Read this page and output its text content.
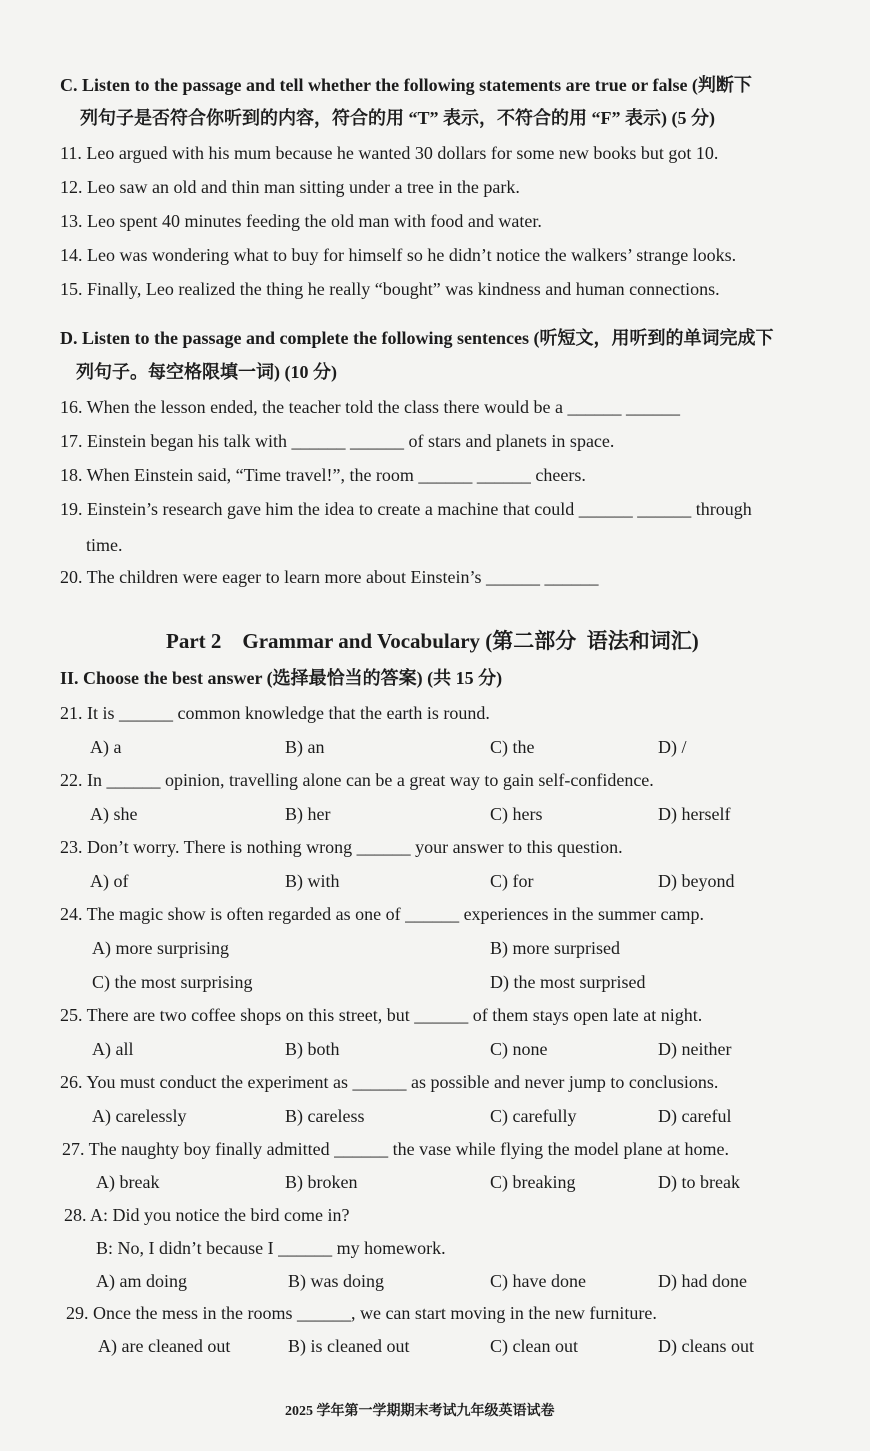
C. Listen to the passage and tell whether the following statements are true or false (判断下
列句子是否符合你听到的内容，符合的用 “T” 表示，不符合的用 “F” 表示) (5 分)
11. Leo argued with his mum because he wanted 30 dollars for some new books but got 10.
12. Leo saw an old and thin man sitting under a tree in the park.
13. Leo spent 40 minutes feeding the old man with food and water.
14. Leo was wondering what to buy for himself so he didn’t notice the walkers’ strange looks.
15. Finally, Leo realized the thing he really “bought” was kindness and human connections.
D. Listen to the passage and complete the following sentences (听短文，用听到的单词完成下
列句子。每空格限填一词) (10 分)
16. When the lesson ended, the teacher told the class there would be a ______ ______
17. Einstein began his talk with ______ ______ of stars and planets in space.
18. When Einstein said, “Time travel!”, the room ______ ______ cheers.
19. Einstein’s research gave him the idea to create a machine that could ______ ______ through
time.
20. The children were eager to learn more about Einstein’s ______ ______
Part 2    Grammar and Vocabulary (第二部分  语法和词汇)
II. Choose the best answer (选择最恰当的答案) (共 15 分)
21. It is ______ common knowledge that the earth is round.
A) a	B) an	C) the	D) /
22. In ______ opinion, travelling alone can be a great way to gain self-confidence.
A) she	B) her	C) hers	D) herself
23. Don’t worry. There is nothing wrong ______ your answer to this question.
A) of	B) with	C) for	D) beyond
24. The magic show is often regarded as one of ______ experiences in the summer camp.
A) more surprising	B) more surprised
C) the most surprising	D) the most surprised
25. There are two coffee shops on this street, but ______ of them stays open late at night.
A) all	B) both	C) none	D) neither
26. You must conduct the experiment as ______ as possible and never jump to conclusions.
A) carelessly	B) careless	C) carefully	D) careful
27. The naughty boy finally admitted ______ the vase while flying the model plane at home.
A) break	B) broken	C) breaking	D) to break
28. A: Did you notice the bird come in?
B: No, I didn’t because I ______ my homework.
A) am doing	B) was doing	C) have done	D) had done
29. Once the mess in the rooms ______, we can start moving in the new furniture.
A) are cleaned out	B) is cleaned out	C) clean out	D) cleans out
2025 学年第一学期期末考试九年级英语试卷
